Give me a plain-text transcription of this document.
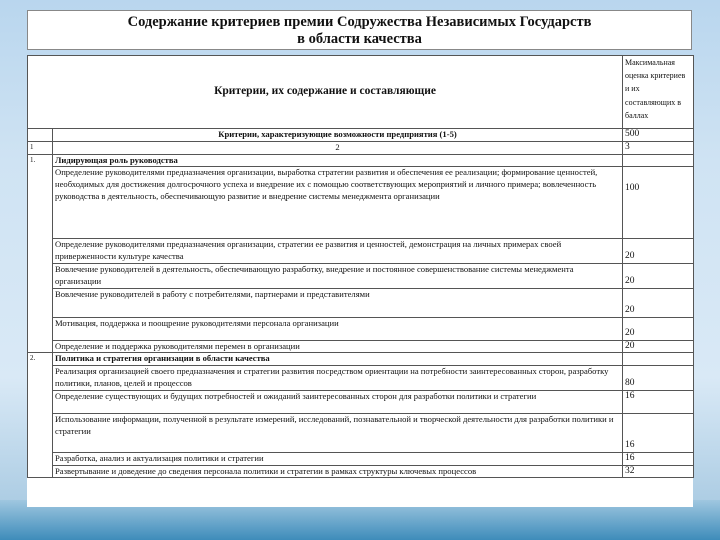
Содержание критериев премии Содружества Независимых Государств
в области качества
Критерии, их содержание и составляющие		Максимальная оценка критериев и их составляющих в баллах
	Критерии, характеризующие возможности предприятия (1-5)	500
1	2	3
1.	Лидирующая роль руководства	
	Определение руководителями предназначения организации, выработка стратегии развития и обеспечения ее реализации; формирование ценностей, необходимых для достижения долгосрочного успеха и внедрение их с помощью соответствующих мероприятий и личного примера; вовлеченность руководства в деятельность, обеспечивающую развитие и внедрение системы менеджмента организации	100
	Определение руководителями предназначения организации, стратегии ее развития и ценностей, демонстрация на личных примерах своей приверженности культуре качества	20
	Вовлечение руководителей в деятельность, обеспечивающую разработку, внедрение и постоянное совершенствование системы менеджмента организации	20
	Вовлечение руководителей в работу с потребителями, партнерами и представителями	20
	Мотивация, поддержка и поощрение руководителями персонала организации	20
	Определение и поддержка руководителями перемен в организации	20
2.	Политика и стратегия организации в области качества	
	Реализация организацией своего предназначения и стратегии развития посредством ориентации на потребности заинтересованных сторон, разработку политики, планов, целей и процессов	80
	Определение существующих и будущих потребностей и ожиданий заинтересованных сторон для разработки политики и стратегии	16
	Использование информации, полученной в результате измерений, исследований, познавательной и творческой деятельности для разработки политики и стратегии	16
	Разработка, анализ и актуализация политики и стратегии	16
	Развертывание и доведение до сведения персонала политики и стратегии в рамках структуры ключевых процессов	32
